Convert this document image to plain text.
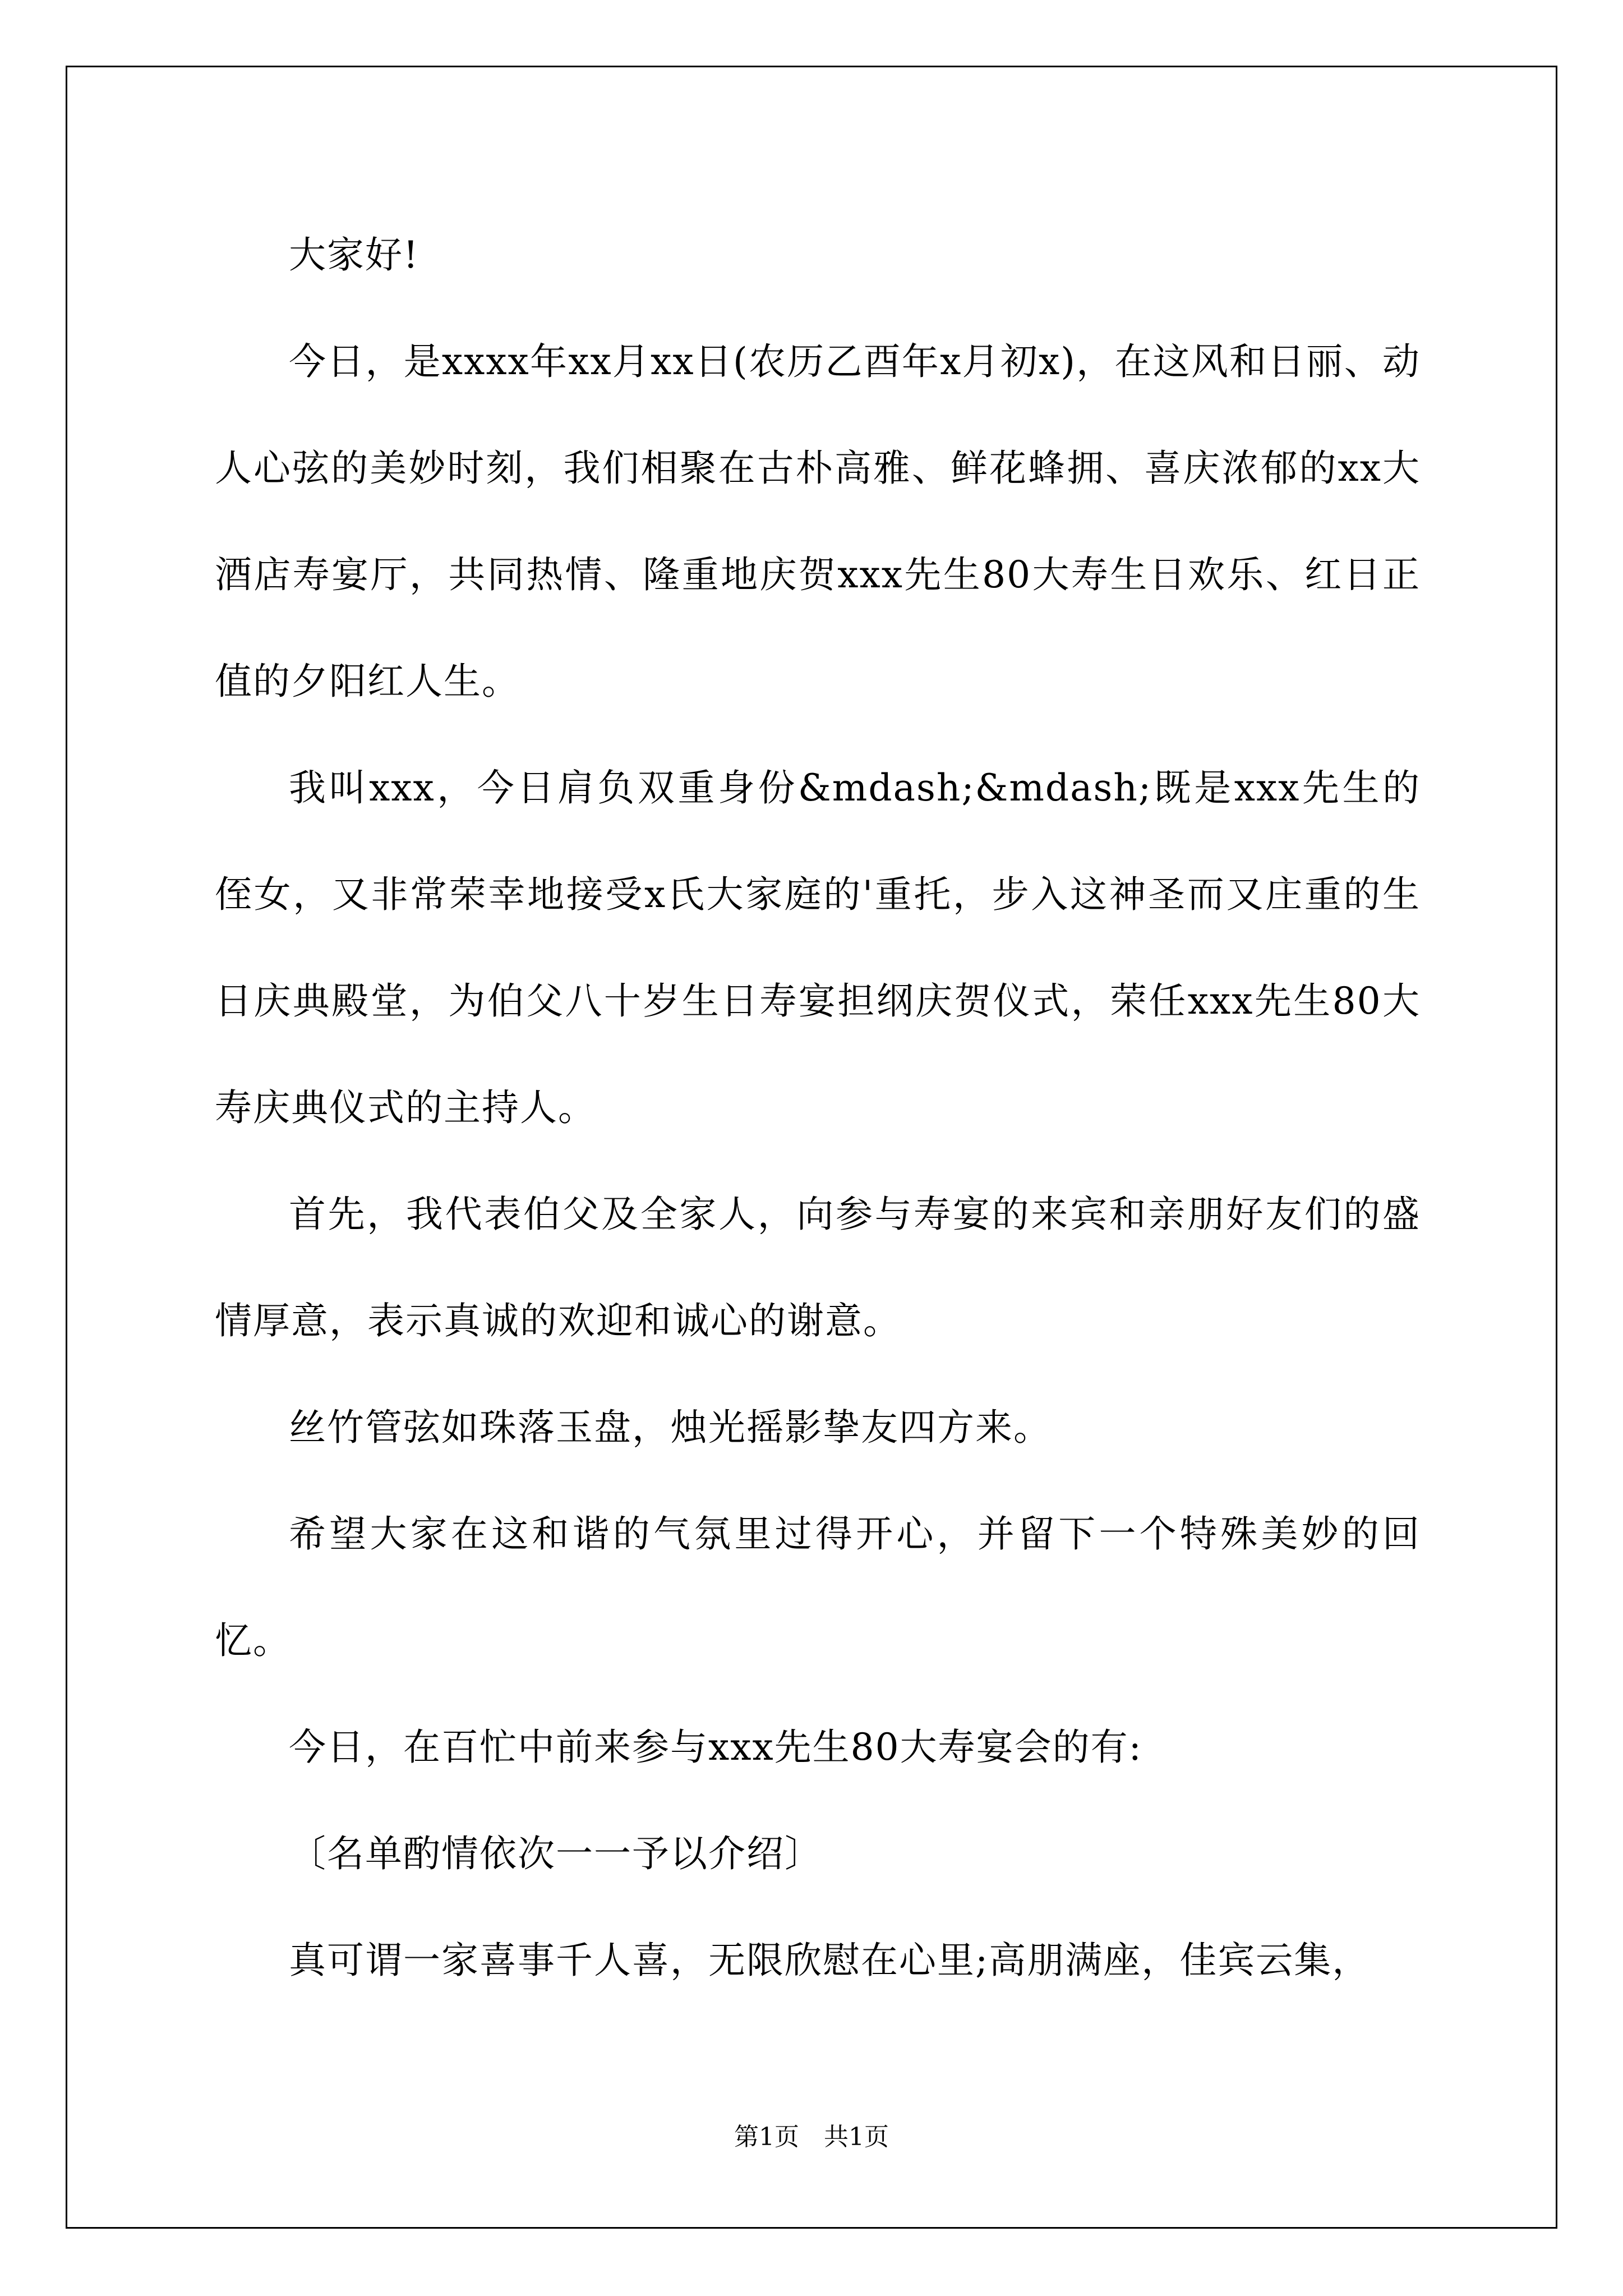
大家好!

今日，是xxxx年xx月xx日(农历乙酉年x月初x)，在这风和日丽、动人心弦的美妙时刻，我们相聚在古朴高雅、鲜花蜂拥、喜庆浓郁的xx大酒店寿宴厅，共同热情、隆重地庆贺xxx先生80大寿生日欢乐、红日正值的夕阳红人生。

我叫xxx，今日肩负双重身份&mdash;&mdash;既是xxx先生的侄女，又非常荣幸地接受x氏大家庭的'重托，步入这神圣而又庄重的生日庆典殿堂，为伯父八十岁生日寿宴担纲庆贺仪式，荣任xxx先生80大寿庆典仪式的主持人。

首先，我代表伯父及全家人，向参与寿宴的来宾和亲朋好友们的盛情厚意，表示真诚的欢迎和诚心的谢意。

丝竹管弦如珠落玉盘，烛光摇影挚友四方来。

希望大家在这和谐的气氛里过得开心，并留下一个特殊美妙的回忆。

今日，在百忙中前来参与xxx先生80大寿宴会的有:

〔名单酌情依次一一予以介绍〕

真可谓一家喜事千人喜，无限欣慰在心里;高朋满座，佳宾云集，

第1页　共1页
